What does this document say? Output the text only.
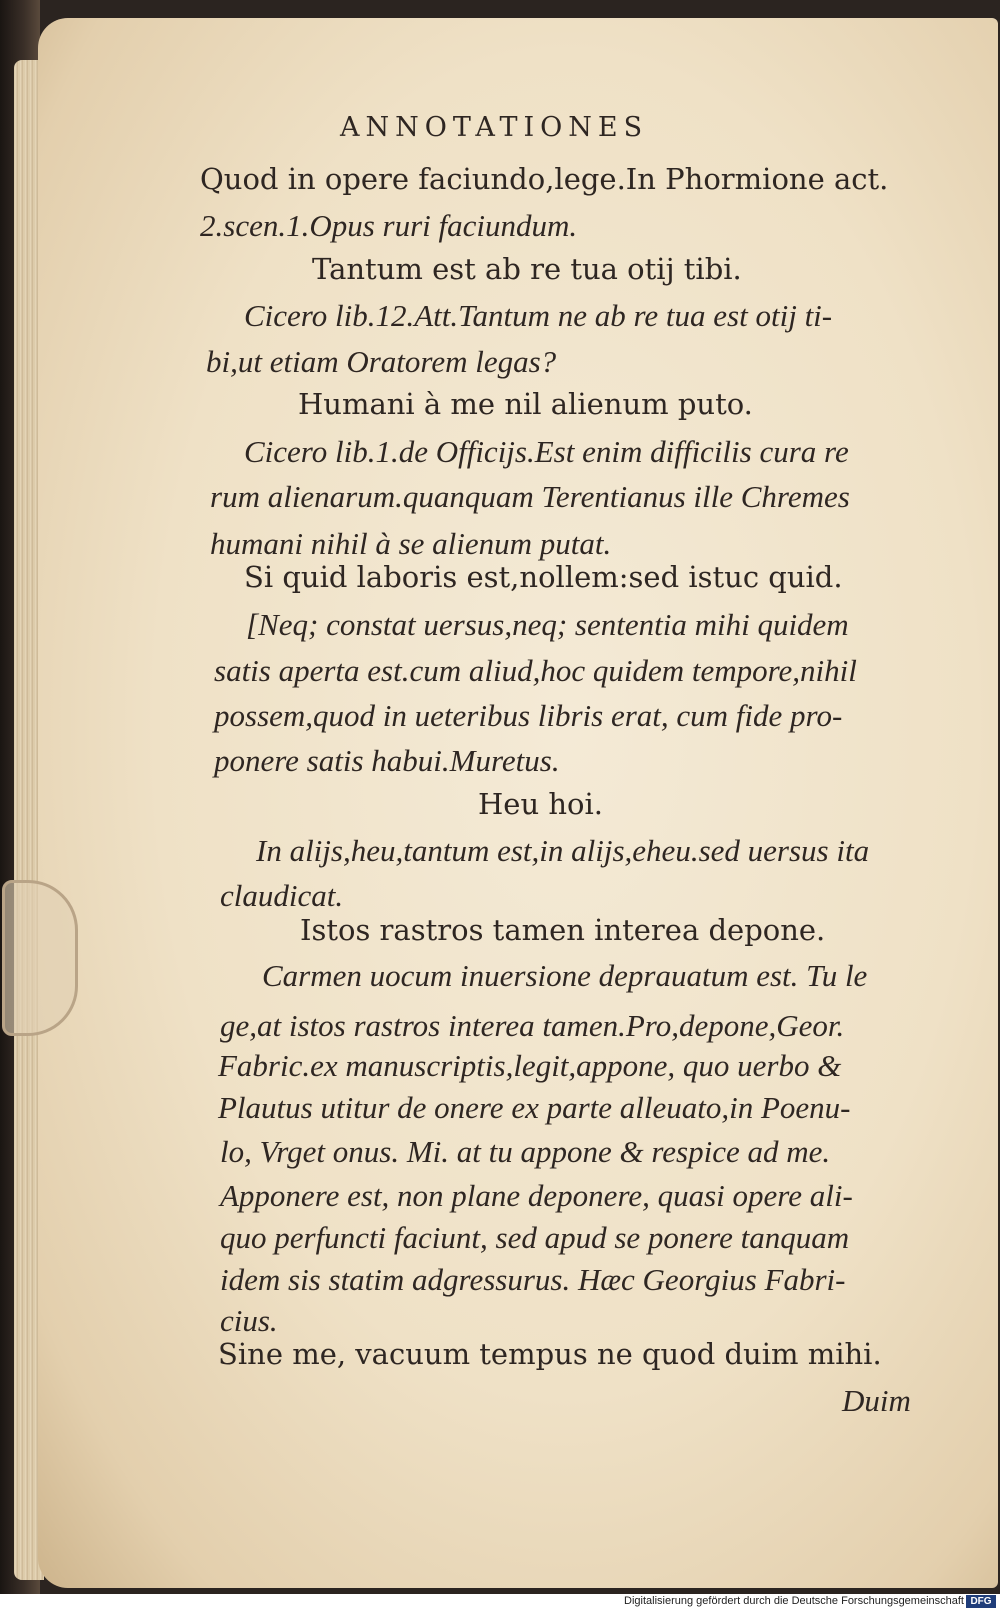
ANNOTATIONES
Quod in opere faciundo,lege.In Phormione act.
2.scen.1.Opus ruri faciundum.
Tantum est ab re tua otij tibi.
Cicero lib.12.Att.Tantum ne ab re tua est otij ti-
bi,ut etiam Oratorem legas?
Humani à me nil alienum puto.
Cicero lib.1.de Officijs.Est enim difficilis cura re
rum alienarum.quanquam Terentianus ille Chremes
humani nihil à se alienum putat.
Si quid laboris est,nollem:sed istuc quid.
[Neq; constat uersus,neq; sententia mihi quidem
satis aperta est.cum aliud,hoc quidem tempore,nihil
possem,quod in ueteribus libris erat, cum fide pro-
ponere satis habui.Muretus.
Heu hoi.
In alijs,heu,tantum est,in alijs,eheu.sed uersus ita
claudicat.
Istos rastros tamen interea depone.
Carmen uocum inuersione deprauatum est. Tu le
ge,at istos rastros interea tamen.Pro,depone,Geor.
Fabric.ex manuscriptis,legit,appone, quo uerbo &
Plautus utitur de onere ex parte alleuato,in Poenu-
lo, Vrget onus. Mi. at tu appone & respice ad me.
Apponere est, non plane deponere, quasi opere ali-
quo perfuncti faciunt, sed apud se ponere tanquam
idem sis statim adgressurus. Hæc Georgius Fabri-
cius.
Sine me, vacuum tempus ne quod duim mihi.
Duim
Digitalisierung gefördert durch die Deutsche Forschungsgemeinschaft DFG
